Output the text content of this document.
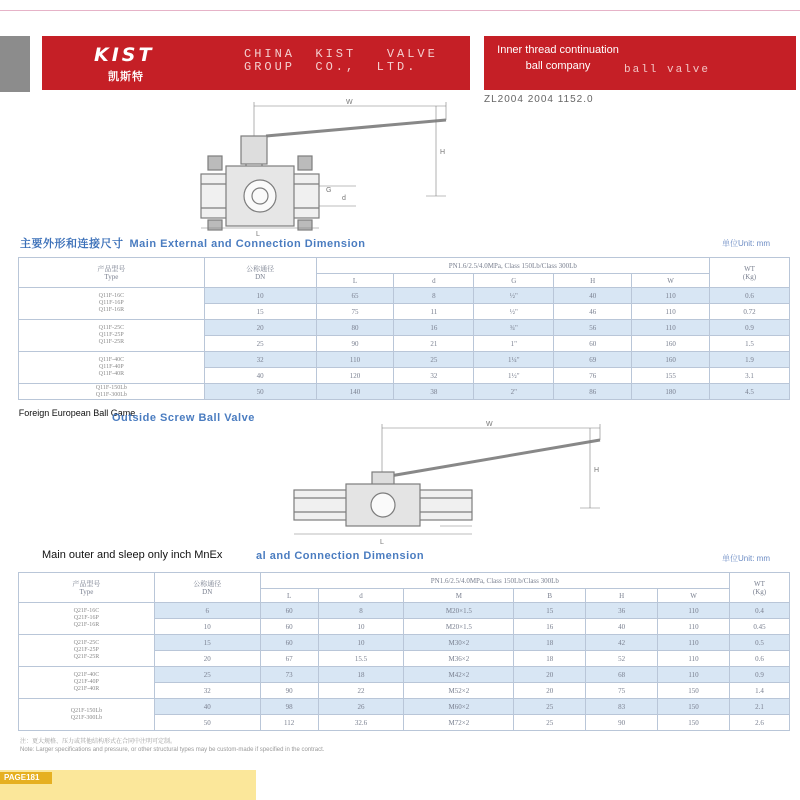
KIST
凯斯特
CHINA  KIST   VALVE
GROUP  CO.,  LTD.
Inner thread continuation ball company	ball valve
ZL2004 2004 1152.0
W
H
L
G
d
主要外形和连接尺寸 Main External and Connection Dimension	单位Unit: mm
产品型号
Type	公称通径
DN	PN1.6/2.5/4.0MPa, Class 150Lb/Class 300Lb					WT
(Kg)

		L	d	G	H	W	
Q11F-16C
Q11F-16P
Q11F-16R	10	65	8	½"	40	110	0.6
	15	75	11	½"	46	110	0.72
Q11F-25C
Q11F-25P
Q11F-25R	20	80	16	¾"	56	110	0.9
	25	90	21	1"	60	160	1.5
Q11F-40C
Q11F-40P
Q11F-40R	32	110	25	1¼"	69	160	1.9
	40	120	32	1½"	76	155	3.1
Q11F-150Lb
Q11F-300Lb	50	140	38	2"	86	180	4.5
Foreign European Ball Game
Outside Screw Ball Valve
W
H
L
Main outer and sleep only inch MnEx	al and Connection Dimension	单位Unit: mm
产品型号
Type	公称通径
DN	PN1.6/2.5/4.0MPa, Class 150Lb/Class 300Lb						WT
(Kg)

		L	d	M	B	H	W	
Q21F-16C
Q21F-16P
Q21F-16R	6	60	8	M20×1.5	15	36	110	0.4
	10	60	10	M20×1.5	16	40	110	0.45
Q21F-25C
Q21F-25P
Q21F-25R	15	60	10	M30×2	18	42	110	0.5
	20	67	15.5	M36×2	18	52	110	0.6
Q21F-40C
Q21F-40P
Q21F-40R	25	73	18	M42×2	20	68	110	0.9
	32	90	22	M52×2	20	75	150	1.4
Q21F-150Lb
Q21F-300Lb	40	98	26	M60×2	25	83	150	2.1
	50	112	32.6	M72×2	25	90	150	2.6
注：更大规格、压力或其他结构形式在合同中注明可定制。
Note: Larger specifications and pressure, or other structural types may be custom-made if specified in the contract.
PAGE181
